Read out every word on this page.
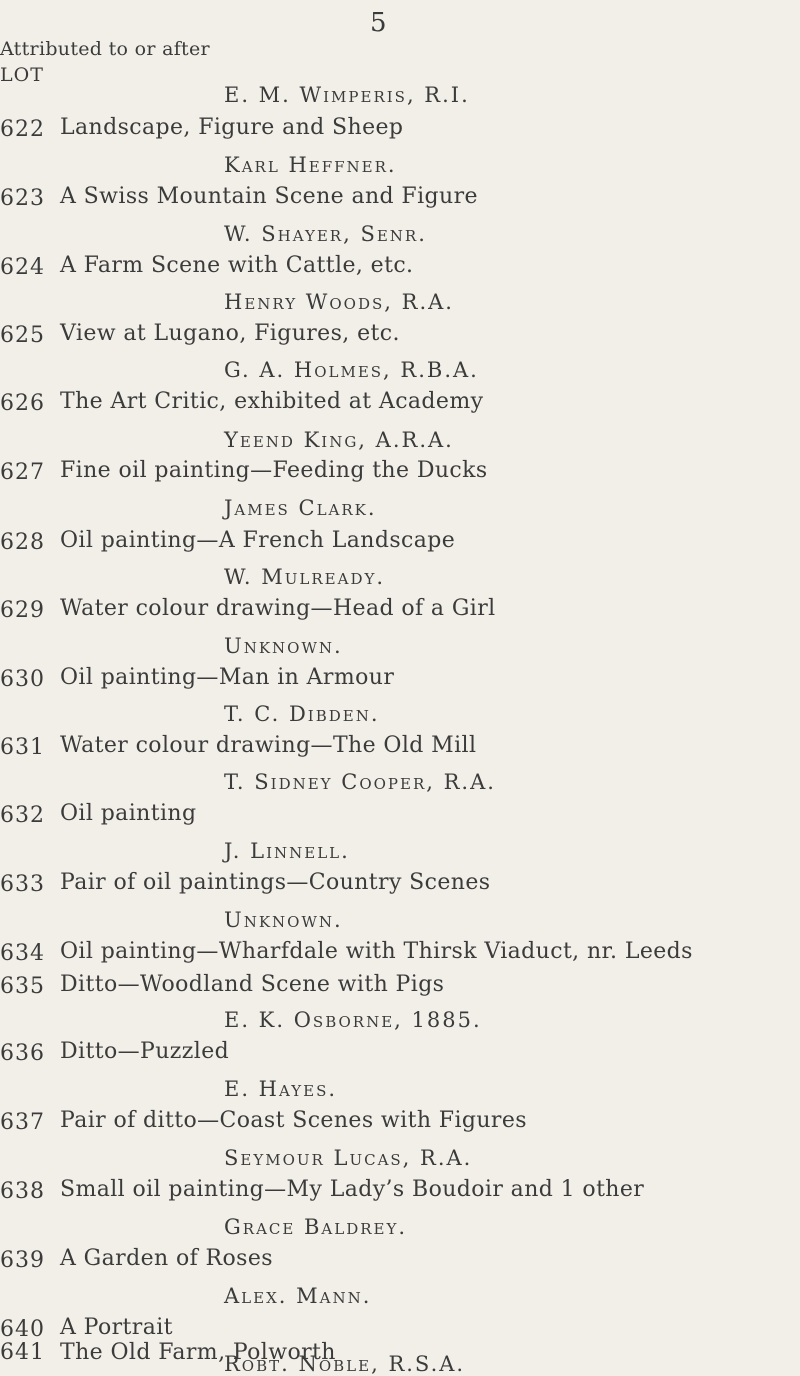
5
Attributed to or after
LOT
E. M. Wimperis, R.I.
Karl Heffner.
W. Shayer, Senr.
Henry Woods, R.A.
G. A. Holmes, R.B.A.
Yeend King, A.R.A.
James Clark.
W. Mulready.
Unknown.
T. C. Dibden.
T. Sidney Cooper, R.A.
J. Linnell.
Unknown.
E. K. Osborne, 1885.
E. Hayes.
Seymour Lucas, R.A.
Grace Baldrey.
Alex. Mann.
Robt. Noble, R.S.A.
622 Landscape, Figure and Sheep
623 A Swiss Mountain Scene and Figure
624 A Farm Scene with Cattle, etc.
625 View at Lugano, Figures, etc.
626 The Art Critic, exhibited at Academy
627 Fine oil painting—Feeding the Ducks
628 Oil painting—A French Landscape
629 Water colour drawing—Head of a Girl
630 Oil painting—Man in Armour
631 Water colour drawing—The Old Mill
632 Oil painting
633 Pair of oil paintings—Country Scenes
634 Oil painting—Wharfdale with Thirsk Viaduct, nr. Leeds
635 Ditto—Woodland Scene with Pigs
636 Ditto—Puzzled
637 Pair of ditto—Coast Scenes with Figures
638 Small oil painting—My Lady’s Boudoir and 1 other
639 A Garden of Roses
640 A Portrait
641 The Old Farm, Polworth
